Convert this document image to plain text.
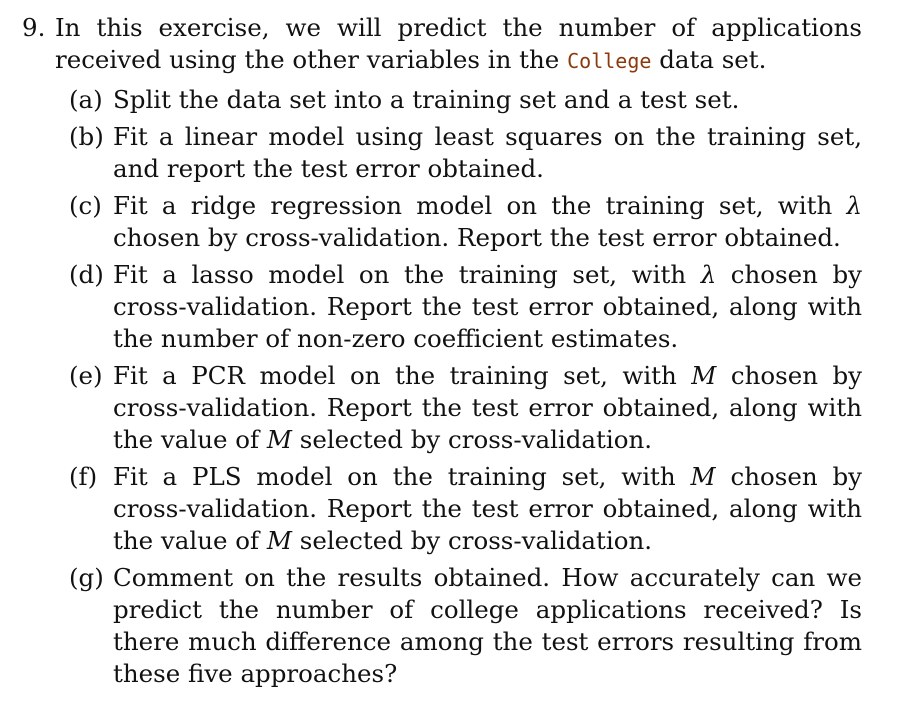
9. In this exercise, we will predict the number of applications received using the other variables in the College data set.
(a) Split the data set into a training set and a test set.
(b) Fit a linear model using least squares on the training set, and report the test error obtained.
(c) Fit a ridge regression model on the training set, with λ chosen by cross-validation. Report the test error obtained.
(d) Fit a lasso model on the training set, with λ chosen by cross-validation. Report the test error obtained, along with the number of non-zero coefficient estimates.
(e) Fit a PCR model on the training set, with M chosen by cross-validation. Report the test error obtained, along with the value of M selected by cross-validation.
(f) Fit a PLS model on the training set, with M chosen by cross-validation. Report the test error obtained, along with the value of M selected by cross-validation.
(g) Comment on the results obtained. How accurately can we predict the number of college applications received? Is there much difference among the test errors resulting from these five approaches?
